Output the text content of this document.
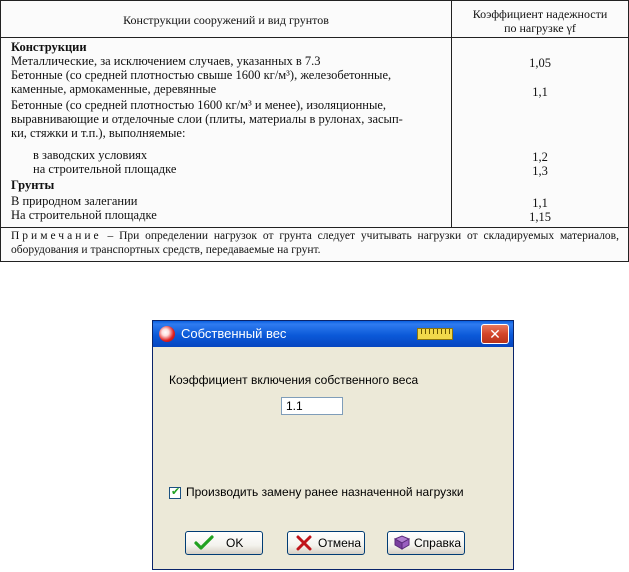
Конструкции сооружений и вид грунтов	Коэффициент надежности
по нагрузке γf
Конструкции
Металлические, за исключением случаев, указанных в 7.3	1,05
Бетонные (со средней плотностью свыше 1600 кг/м³), железобетонные,
каменные, армокаменные, деревянные	1,1
Бетонные (со средней плотностью 1600 кг/м³ и менее), изоляционные,
выравнивающие и отделочные слои (плиты, материалы в рулонах, засып-
ки, стяжки и т.п.), выполняемые:
в заводских условиях	1,2
на строительной площадке	1,3
Грунты
В природном залегании	1,1
На строительной площадке	1,15
Примечание – При определении нагрузок от грунта следует учитывать нагрузки от складируемых материалов, оборудования и транспортных средств, передаваемые на грунт.
Собственный вес	✕
Коэффициент включения собственного веса
1.1
✔ Производить замену ранее назначенной нагрузки
OK	Отмена	Справка
